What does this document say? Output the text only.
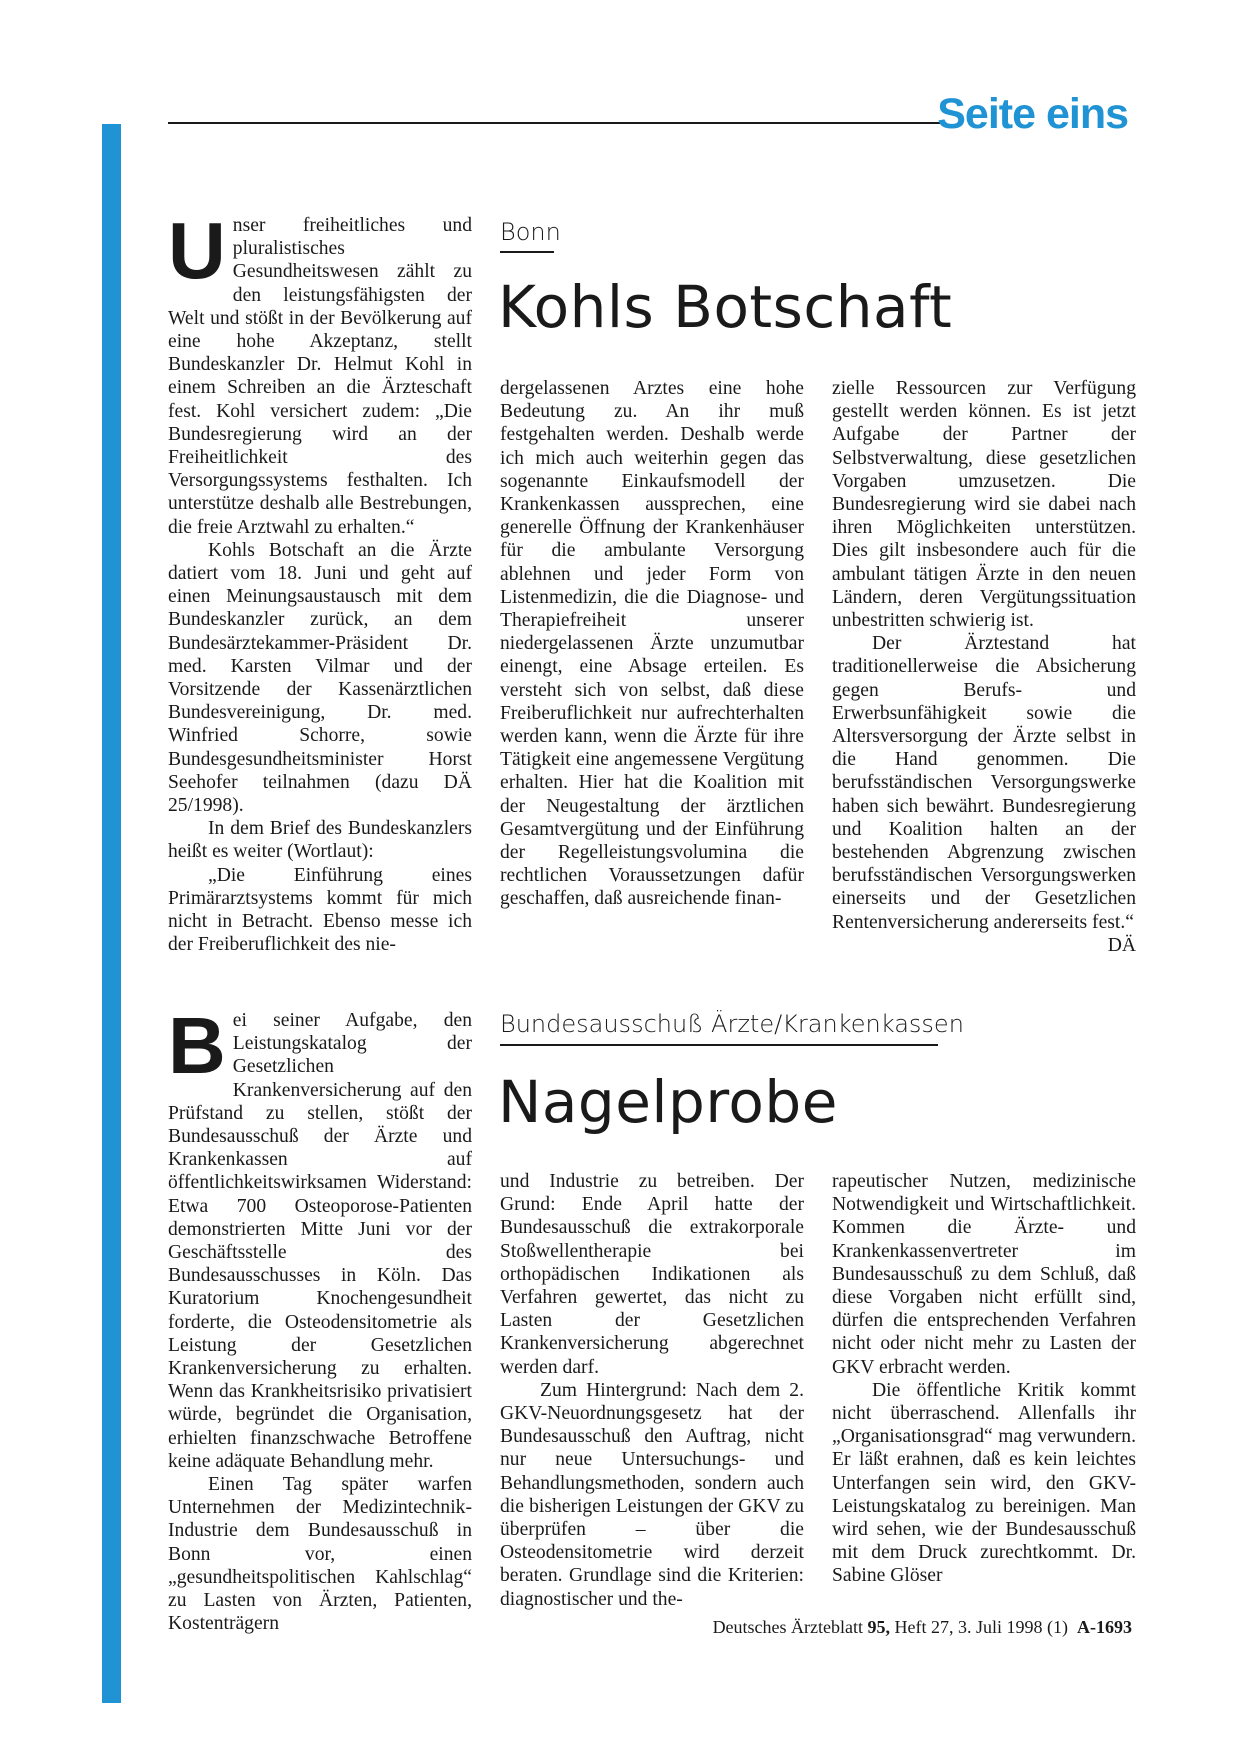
Seite eins
Bonn
Kohls Botschaft

Unser freiheitliches und pluralistisches Gesundheitswesen zählt zu den leistungsfähigsten der Welt und stößt in der Bevölkerung auf eine hohe Akzeptanz, stellt Bundeskanzler Dr. Helmut Kohl in einem Schreiben an die Ärzteschaft fest. Kohl versichert zudem: „Die Bundesregierung wird an der Freiheitlichkeit des Versorgungssystems festhalten. Ich unterstütze deshalb alle Bestrebungen, die freie Arztwahl zu erhalten.“

Kohls Botschaft an die Ärzte datiert vom 18. Juni und geht auf einen Meinungsaustausch mit dem Bundeskanzler zurück, an dem Bundesärztekammer-Präsident Dr. med. Karsten Vilmar und der Vorsitzende der Kassenärztlichen Bundesvereinigung, Dr. med. Winfried Schorre, sowie Bundesgesundheitsminister Horst Seehofer teilnahmen (dazu DÄ 25/1998).

In dem Brief des Bundeskanzlers heißt es weiter (Wortlaut):

„Die Einführung eines Primärarztsystems kommt für mich nicht in Betracht. Ebenso messe ich der Freiberuflichkeit des nie-

dergelassenen Arztes eine hohe Bedeutung zu. An ihr muß festgehalten werden. Deshalb werde ich mich auch weiterhin gegen das sogenannte Einkaufsmodell der Krankenkassen aussprechen, eine generelle Öffnung der Krankenhäuser für die ambulante Versorgung ablehnen und jeder Form von Listenmedizin, die die Diagnose- und Therapiefreiheit unserer niedergelassenen Ärzte unzumutbar einengt, eine Absage erteilen. Es versteht sich von selbst, daß diese Freiberuflichkeit nur aufrechterhalten werden kann, wenn die Ärzte für ihre Tätigkeit eine angemessene Vergütung erhalten. Hier hat die Koalition mit der Neugestaltung der ärztlichen Gesamtvergütung und der Einführung der Regelleistungsvolumina die rechtlichen Voraussetzungen dafür geschaffen, daß ausreichende finan-

zielle Ressourcen zur Verfügung gestellt werden können. Es ist jetzt Aufgabe der Partner der Selbstverwaltung, diese gesetzlichen Vorgaben umzusetzen. Die Bundesregierung wird sie dabei nach ihren Möglichkeiten unterstützen. Dies gilt insbesondere auch für die ambulant tätigen Ärzte in den neuen Ländern, deren Vergütungssituation unbestritten schwierig ist.

Der Ärztestand hat traditionellerweise die Absicherung gegen Berufs- und Erwerbsunfähigkeit sowie die Altersversorgung der Ärzte selbst in die Hand genommen. Die berufsständischen Versorgungswerke haben sich bewährt. Bundesregierung und Koalition halten an der bestehenden Abgrenzung zwischen berufsständischen Versorgungswerken einerseits und der Gesetzlichen Rentenversicherung andererseits fest.“

DÄ

Bundesausschuß Ärzte/Krankenkassen
Nagelprobe

Bei seiner Aufgabe, den Leistungskatalog der Gesetzlichen Krankenversicherung auf den Prüfstand zu stellen, stößt der Bundesausschuß der Ärzte und Krankenkassen auf öffentlichkeitswirksamen Widerstand: Etwa 700 Osteoporose-Patienten demonstrierten Mitte Juni vor der Geschäftsstelle des Bundesausschusses in Köln. Das Kuratorium Knochengesundheit forderte, die Osteodensitometrie als Leistung der Gesetzlichen Krankenversicherung zu erhalten. Wenn das Krankheitsrisiko privatisiert würde, begründet die Organisation, erhielten finanzschwache Betroffene keine adäquate Behandlung mehr.

Einen Tag später warfen Unternehmen der Medizintechnik-Industrie dem Bundesausschuß in Bonn vor, einen „gesundheitspolitischen Kahlschlag“ zu Lasten von Ärzten, Patienten, Kostenträgern

und Industrie zu betreiben. Der Grund: Ende April hatte der Bundesausschuß die extrakorporale Stoßwellentherapie bei orthopädischen Indikationen als Verfahren gewertet, das nicht zu Lasten der Gesetzlichen Krankenversicherung abgerechnet werden darf.

Zum Hintergrund: Nach dem 2. GKV-Neuordnungsgesetz hat der Bundesausschuß den Auftrag, nicht nur neue Untersuchungs- und Behandlungsmethoden, sondern auch die bisherigen Leistungen der GKV zu überprüfen – über die Osteodensitometrie wird derzeit beraten. Grundlage sind die Kriterien: diagnostischer und the-

rapeutischer Nutzen, medizinische Notwendigkeit und Wirtschaftlichkeit. Kommen die Ärzte- und Krankenkassenvertreter im Bundesausschuß zu dem Schluß, daß diese Vorgaben nicht erfüllt sind, dürfen die entsprechenden Verfahren nicht oder nicht mehr zu Lasten der GKV erbracht werden.

Die öffentliche Kritik kommt nicht überraschend. Allenfalls ihr „Organisationsgrad“ mag verwundern. Er läßt erahnen, daß es kein leichtes Unterfangen sein wird, den GKV-Leistungskatalog zu bereinigen. Man wird sehen, wie der Bundesausschuß mit dem Druck zurechtkommt. Dr. Sabine Glöser

Deutsches Ärzteblatt 95, Heft 27, 3. Juli 1998 (1) A-1693
